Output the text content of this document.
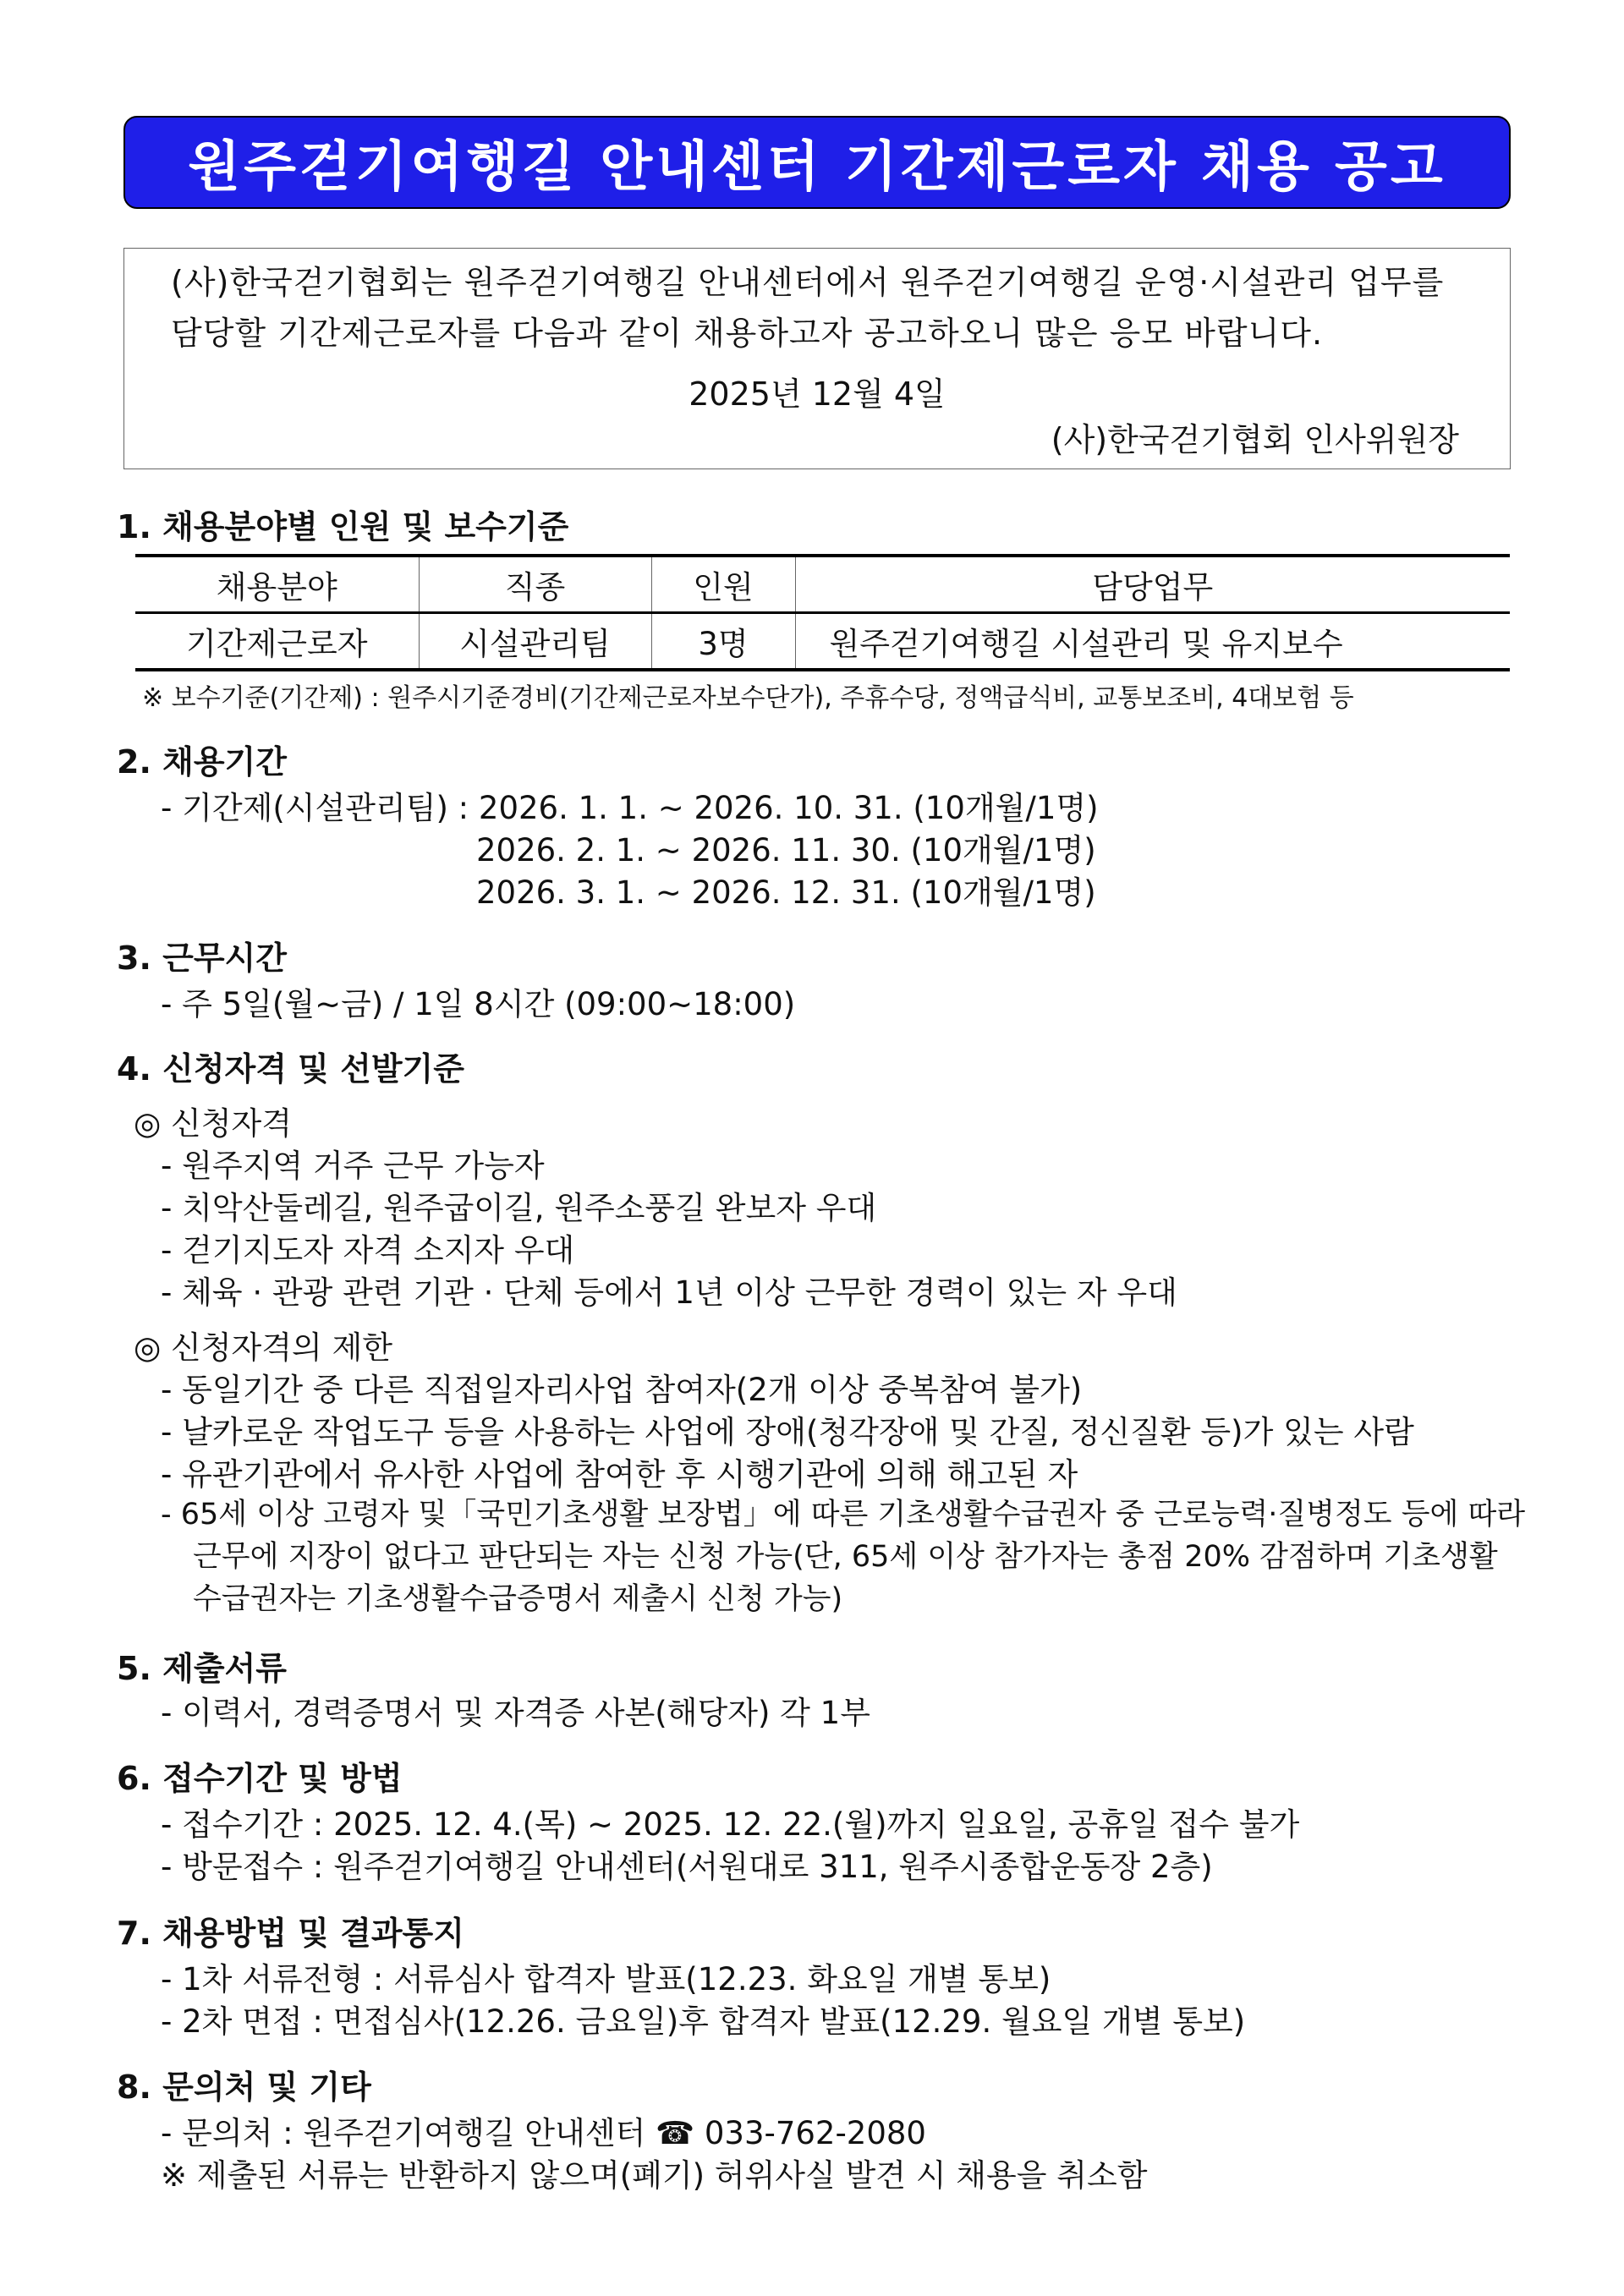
원주걷기여행길 안내센터 기간제근로자 채용 공고
(사)한국걷기협회는 원주걷기여행길 안내센터에서 원주걷기여행길 운영·시설관리 업무를
담당할 기간제근로자를 다음과 같이 채용하고자 공고하오니 많은 응모 바랍니다.
2025년 12월 4일
(사)한국걷기협회 인사위원장
1. 채용분야별 인원 및 보수기준
채용분야	직종	인원	담당업무
기간제근로자	시설관리팀	3명	원주걷기여행길 시설관리 및 유지보수
※ 보수기준(기간제) : 원주시기준경비(기간제근로자보수단가), 주휴수당, 정액급식비, 교통보조비, 4대보험 등
2. 채용기간
- 기간제(시설관리팀) : 2026. 1. 1. ~ 2026. 10. 31. (10개월/1명)
2026. 2. 1. ~ 2026. 11. 30. (10개월/1명)
2026. 3. 1. ~ 2026. 12. 31. (10개월/1명)
3. 근무시간
- 주 5일(월~금) / 1일 8시간 (09:00~18:00)
4. 신청자격 및 선발기준
◎ 신청자격
- 원주지역 거주 근무 가능자
- 치악산둘레길, 원주굽이길, 원주소풍길 완보자 우대
- 걷기지도자 자격 소지자 우대
- 체육 · 관광 관련 기관 · 단체 등에서 1년 이상 근무한 경력이 있는 자 우대
◎ 신청자격의 제한
- 동일기간 중 다른 직접일자리사업 참여자(2개 이상 중복참여 불가)
- 날카로운 작업도구 등을 사용하는 사업에 장애(청각장애 및 간질, 정신질환 등)가 있는 사람
- 유관기관에서 유사한 사업에 참여한 후 시행기관에 의해 해고된 자
- 65세 이상 고령자 및「국민기초생활 보장법」에 따른 기초생활수급권자 중 근로능력·질병정도 등에 따라
근무에 지장이 없다고 판단되는 자는 신청 가능(단, 65세 이상 참가자는 총점 20% 감점하며 기초생활
수급권자는 기초생활수급증명서 제출시 신청 가능)
5. 제출서류
- 이력서, 경력증명서 및 자격증 사본(해당자) 각 1부
6. 접수기간 및 방법
- 접수기간 : 2025. 12. 4.(목) ~ 2025. 12. 22.(월)까지 일요일, 공휴일 접수 불가
- 방문접수 : 원주걷기여행길 안내센터(서원대로 311, 원주시종합운동장 2층)
7. 채용방법 및 결과통지
- 1차 서류전형 : 서류심사 합격자 발표(12.23. 화요일 개별 통보)
- 2차 면접 : 면접심사(12.26. 금요일)후 합격자 발표(12.29. 월요일 개별 통보)
8. 문의처 및 기타
- 문의처 : 원주걷기여행길 안내센터 ☎ 033-762-2080
※ 제출된 서류는 반환하지 않으며(폐기) 허위사실 발견 시 채용을 취소함
